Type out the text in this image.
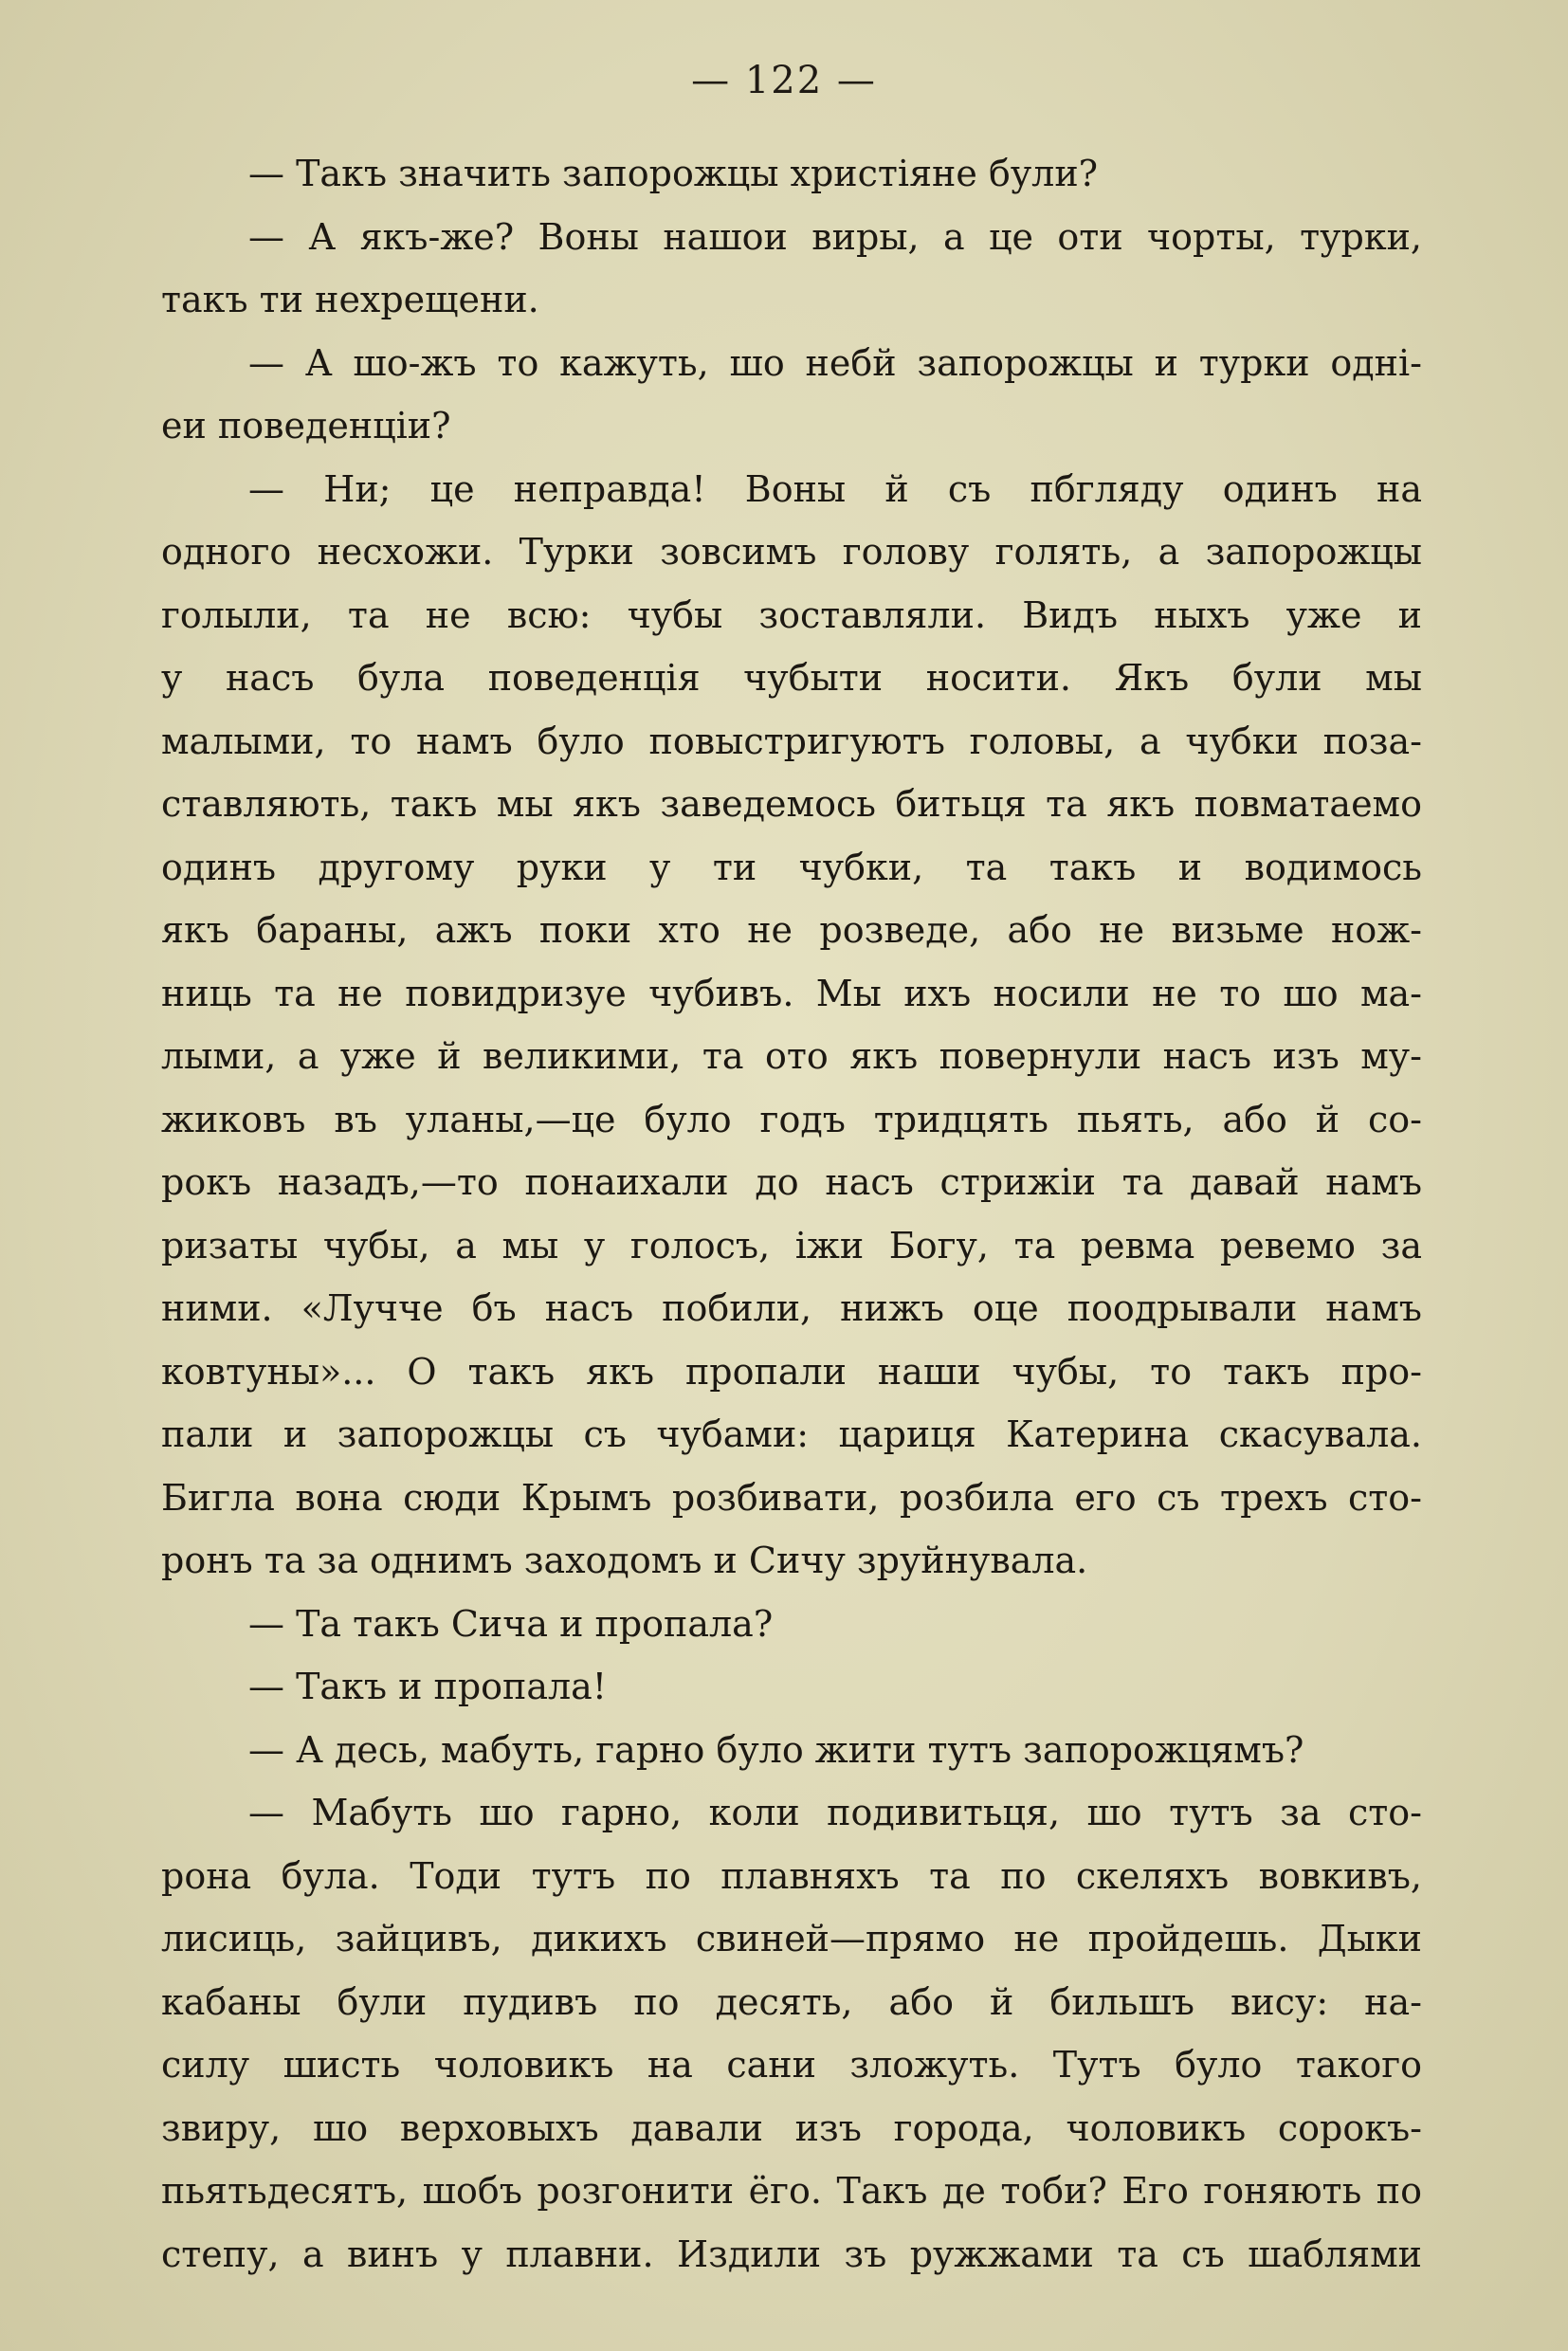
— 122 —
— Такъ значить запорожцы христiяне були?
— А якъ-же? Воны нашои виры, а це оти чорты, турки,
такъ ти нехрещени.
— А шо-жъ то кажуть, шо небй запорожцы и турки однi-
еи поведенцiи?
— Ни; це неправда! Воны й съ пбгляду одинъ на
одного несхожи. Турки зовсимъ голову голять, а запорожцы
голыли, та не всю: чубы зоставляли. Видъ ныхъ уже и
у насъ була поведенцiя чубыти носити. Якъ були мы
малыми, то намъ було повыстригуютъ головы, а чубки поза-
ставляють, такъ мы якъ заведемось битьця та якъ повматаемо
одинъ другому руки у ти чубки, та такъ и водимось
якъ бараны, ажъ поки хто не розведе, або не визьме нож-
ниць та не повидризуе чубивъ. Мы ихъ носили не то шо ма-
лыми, а уже й великими, та ото якъ повернули насъ изъ му-
жиковъ въ уланы,—це було годъ тридцять пьять, або й со-
рокъ назадъ,—то понаихали до насъ стрижiи та давай намъ
ризаты чубы, а мы у голосъ, iжи Богу, та ревма ревемо за
ними. «Лучче бъ насъ побили, нижъ оце поодрывали намъ
ковтуны»... О такъ якъ пропали наши чубы, то такъ про-
пали и запорожцы съ чубами: цариця Катерина скасувала.
Бигла вона сюди Крымъ розбивати, розбила его съ трехъ сто-
ронъ та за однимъ заходомъ и Сичу зруйнувала.
— Та такъ Сича и пропала?
— Такъ и пропала!
— А десь, мабуть, гарно було жити тутъ запорожцямъ?
— Мабуть шо гарно, коли подивитьця, шо тутъ за сто-
рона була. Тоди тутъ по плавняхъ та по скеляхъ вовкивъ,
лисиць, зайцивъ, дикихъ свиней—прямо не пройдешь. Дыки
кабаны були пудивъ по десять, або й бильшъ вису: на-
силу шисть чоловикъ на сани зложуть. Тутъ було такого
звиру, шо верховыхъ давали изъ города, чоловикъ сорокъ-
пьятьдесятъ, шобъ розгонити ёго. Такъ де тоби? Его гоняють по
степу, а винъ у плавни. Издили зъ ружжами та съ шаблями
